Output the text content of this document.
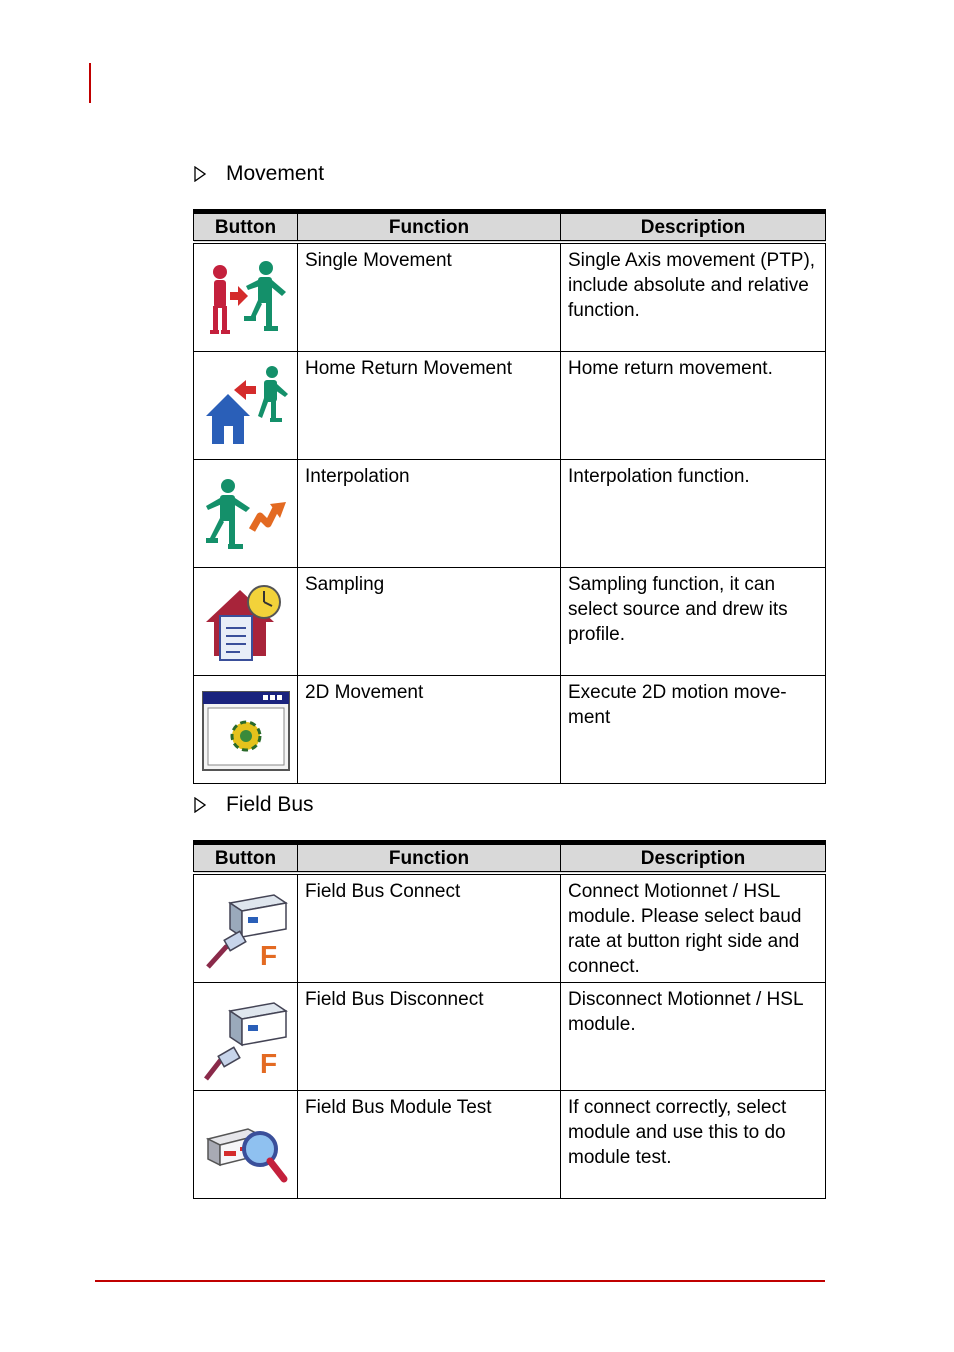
Movement
Button	Function	Description

	Single Movement	Single Axis movement (PTP), include absolute and relative function.

	Home Return Movement	Home return movement.

	Interpolation	Interpolation function.

	Sampling	Sampling function, it can select source and drew its profile.

	2D Movement	Execute 2D motion move-ment
Field Bus
Button	Function	Description

F	Field Bus Connect	Connect Motionnet / HSL module. Please select baud rate at button right side and connect.

F	Field Bus Disconnect	Disconnect Motionnet / HSL module.

	Field Bus Module Test	If connect correctly, select module and use this to do module test.
